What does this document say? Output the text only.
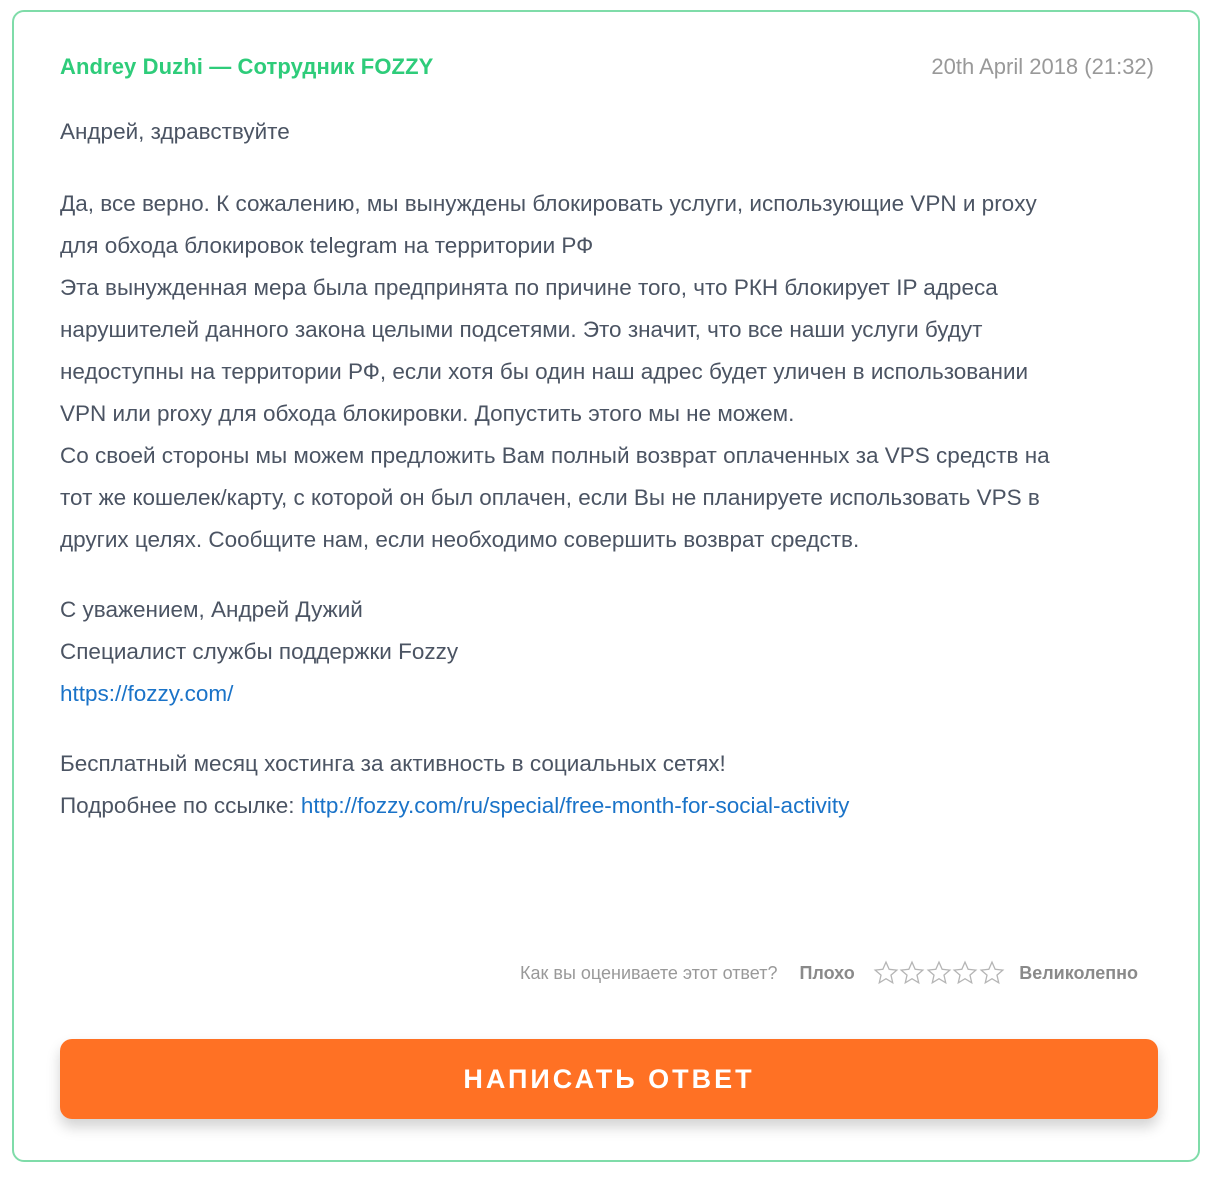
Andrey Duzhi — Сотрудник FOZZY	20th April 2018 (21:32)

Андрей, здравствуйте

Да, все верно. К сожалению, мы вынуждены блокировать услуги, использующие VPN и proxy

для обхода блокировок telegram на территории РФ

Эта вынужденная мера была предпринята по причине того, что РКН блокирует IP адреса

нарушителей данного закона целыми подсетями. Это значит, что все наши услуги будут

недоступны на территории РФ, если хотя бы один наш адрес будет уличен в использовании

VPN или proxy для обхода блокировки. Допустить этого мы не можем.

Со своей стороны мы можем предложить Вам полный возврат оплаченных за VPS средств на

тот же кошелек/карту, с которой он был оплачен, если Вы не планируете использовать VPS в

других целях. Сообщите нам, если необходимо совершить возврат средств.

С уважением, Андрей Дужий

Специалист службы поддержки Fozzy

https://fozzy.com/

Бесплатный месяц хостинга за активность в социальных сетях!

Подробнее по ссылке: http://fozzy.com/ru/special/free-month-for-social-activity

Как вы оцениваете этот ответ? Плохо	Великолепно
НАПИСАТЬ ОТВЕТ
